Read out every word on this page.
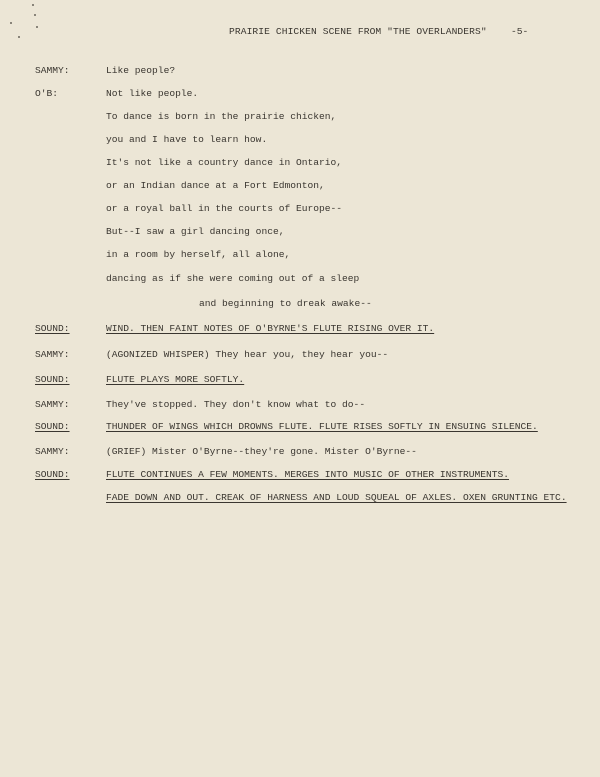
PRAIRIE CHICKEN SCENE FROM "THE OVERLANDERS"	-5-
SAMMY:	Like people?
O'B:	Not like people.
To dance is born in the prairie chicken,
you and I have to learn how.
It's not like a country dance in Ontario,
or an Indian dance at a Fort Edmonton,
or a royal ball in the courts of Europe--
But--I saw a girl dancing once,
in a room by herself, all alone,
dancing as if she were coming out of a sleep
and beginning to dreak awake--
SOUND:	WIND. THEN FAINT NOTES OF O'BYRNE'S FLUTE RISING OVER IT.
SAMMY:	(AGONIZED WHISPER) They hear you, they hear you--
SOUND:	FLUTE PLAYS MORE SOFTLY.
SAMMY:	They've stopped. They don't know what to do--
SOUND:	THUNDER OF WINGS WHICH DROWNS FLUTE. FLUTE RISES SOFTLY IN ENSUING SILENCE.
SAMMY:	(GRIEF) Mister O'Byrne--they're gone. Mister O'Byrne--
SOUND:	FLUTE CONTINUES A FEW MOMENTS. MERGES INTO MUSIC OF OTHER INSTRUMENTS.
FADE DOWN AND OUT. CREAK OF HARNESS AND LOUD SQUEAL OF AXLES. OXEN GRUNTING ETC.
